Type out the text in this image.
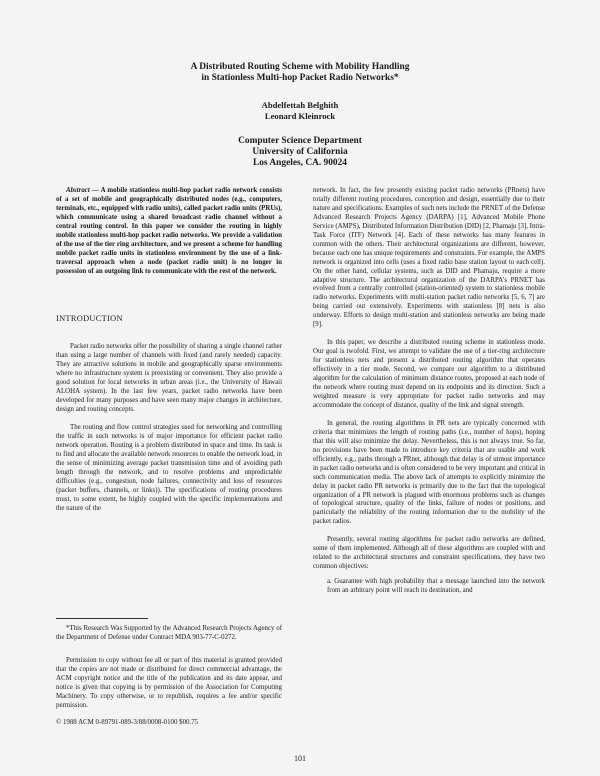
A Distributed Routing Scheme with Mobility Handling
in Stationless Multi-hop Packet Radio Networks*
Abdelfettah Belghith
Leonard Kleinrock
Computer Science Department
University of California
Los Angeles, CA. 90024

Abstract — A mobile stationless multi-hop packet radio network consists of a set of mobile and geographically distributed nodes (e.g., computers, terminals, etc., equipped with radio units), called packet radio units (PRUs), which communicate using a shared broadcast radio channel without a central routing control. In this paper we consider the routing in highly mobile stationless multi-hop packet radio networks. We provide a validation of the use of the tier ring architecture, and we present a scheme for handling mobile packet radio units in stationless environment by the use of a link-traversal approach when a node (packet radio unit) is no longer in possession of an outgoing link to communicate with the rest of the network.

INTRODUCTION

Packet radio networks offer the possibility of sharing a single channel rather than using a large number of channels with fixed (and rarely needed) capacity. They are attractive solutions in mobile and geographically sparse environments where no infrastructure system is preexisting or convenient. They also provide a good solution for local networks in urban areas (i.e., the University of Hawaii ALOHA system). In the last few years, packet radio networks have been developed for many purposes and have seen many major changes in architecture, design and routing concepts.

The routing and flow control strategies used for networking and controlling the traffic in such networks is of major importance for efficient packet radio network operation. Routing is a problem distributed in space and time. Its task is to find and allocate the available network resources to enable the network load, in the sense of minimizing average packet transmission time and of avoiding path length through the network, and to resolve problems and unpredictable difficulties (e.g., congestion, node failures, connectivity and loss of resources (packet buffers, channels, or links)). The specifications of routing procedures must, to some extent, be highly coupled with the specific implementations and the nature of the

*This Research Was Supported by the Advanced Research Projects Agency of the Department of Defense under Contract MDA 903-77-C-0272.

Permission to copy without fee all or part of this material is granted provided that the copies are not made or distributed for direct commercial advantage, the ACM copyright notice and the title of the publication and its date appear, and notice is given that copying is by permission of the Association for Computing Machinery. To copy otherwise, or to republish, requires a fee and/or specific permission.

© 1988 ACM 0-89791-089-3/88/0008-0100 $00.75

network. In fact, the few presently existing packet radio networks (PRnets) have totally different routing procedures, conception and design, essentially due to their nature and specifications. Examples of such nets include the PRNET of the Defense Advanced Research Projects Agency (DARPA) [1], Advanced Mobile Phone Service (AMPS), Distributed Information Distribution (DID) [2, Phamaju [3], Intra-Task Force (ITF) Network [4]. Each of these networks has many features in common with the others. Their architectural organizations are different, however, because each one has unique requirements and constraints. For example, the AMPS network is organized into cells (uses a fixed radio base station layout to each cell). On the other hand, cellular systems, such as DID and Phamaju, require a more adaptive structure. The architectural organization of the DARPA's PRNET has evolved from a centrally controlled (station-oriented) system to stationless mobile radio networks. Experiments with multi-station packet radio networks [5, 6, 7] are being carried out extensively. Experiments with stationless [8] nets is also underway. Efforts to design multi-station and stationless networks are being made [9].

In this paper, we describe a distributed routing scheme in stationless mode. Our goal is twofold. First, we attempt to validate the use of a tier-ring architecture for stationless nets and present a distributed routing algorithm that operates effectively in a tier mode. Second, we compare our algorithm to a distributed algorithm for the calculation of minimum distance routes, proposed at each node of the network where routing must depend on its endpoints and its direction. Such a weighted measure is very appropriate for packet radio networks and may accommodate the concept of distance, quality of the link and signal strength.

In general, the routing algorithms in PR nets are typically concerned with criteria that minimizes the length of routing paths (i.e., number of hops), hoping that this will also minimize the delay. Nevertheless, this is not always true. So far, no provisions have been made to introduce key criteria that are usable and work efficiently, e.g., paths through a PRnet, although that delay is of utmost importance in packet radio networks and is often considered to be very important and critical in such communication media. The above lack of attempts to explicitly minimize the delay in packet radio PR networks is primarily due to the fact that the topological organization of a PR network is plagued with enormous problems such as changes of topological structure, quality of the links, failure of nodes or positions, and particularly the reliability of the routing information due to the mobility of the packet radios.

Presently, several routing algorithms for packet radio networks are defined, some of them implemented. Although all of these algorithms are coupled with and related to the architectural structures and constraint specifications, they have two common objectives:

a. Guarantee with high probability that a message launched into the network from an arbitrary point will reach its destination, and

101
